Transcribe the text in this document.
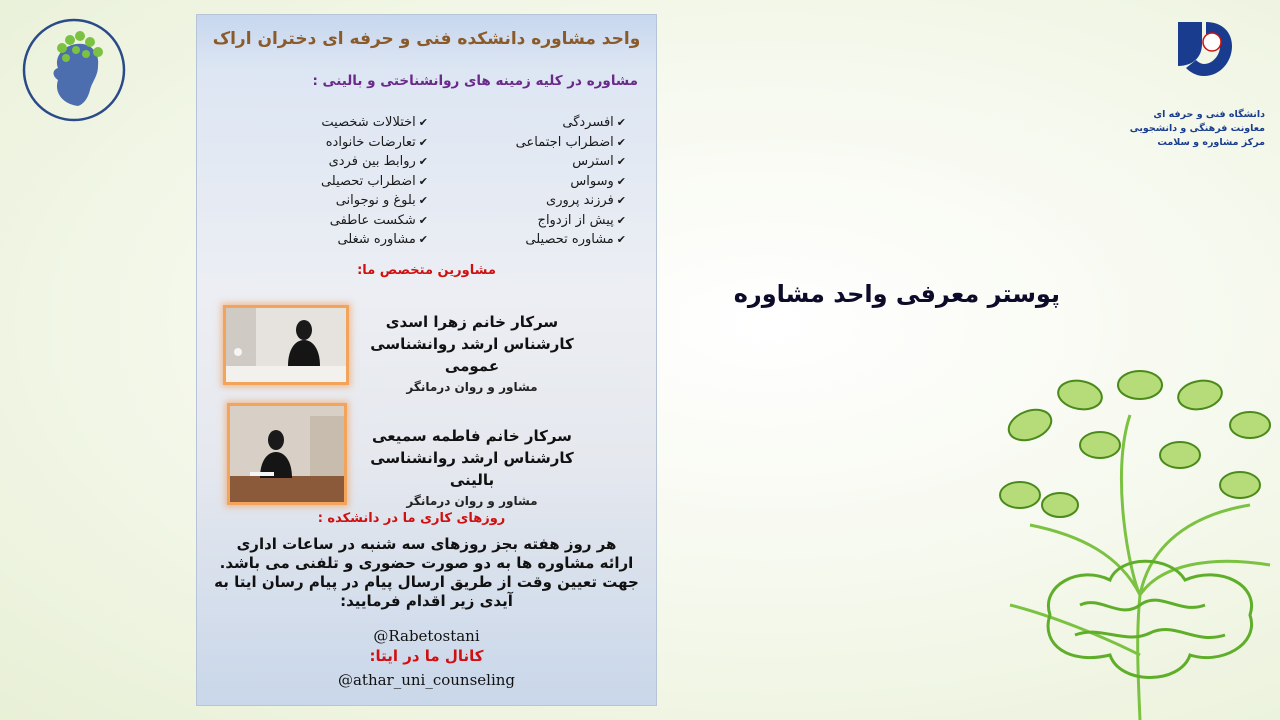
دانشگاه فنی و حرفه ای
معاونت فرهنگی و دانشجویی
مرکز مشاوره و سلامت
پوستر معرفی واحد مشاوره
واحد مشاوره دانشکده فنی و حرفه ای دختران اراک
مشاوره در کلیه زمینه های روانشناختی و بالینی :
✔افسردگی
✔اضطراب اجتماعی
✔استرس
✔وسواس
✔فرزند پروری
✔پیش از ازدواج
✔مشاوره تحصیلی
✔اختلالات شخصیت
✔تعارضات خانواده
✔روابط بین فردی
✔اضطراب تحصیلی
✔بلوغ و نوجوانی
✔شکست عاطفی
✔مشاوره شغلی
مشاورین متخصص ما:
سرکار خانم زهرا اسدی
کارشناس ارشد روانشناسی عمومی
مشاور و روان درمانگر
سرکار خانم فاطمه سمیعی
کارشناس ارشد روانشناسی بالینی
مشاور و روان درمانگر
روزهای کاری ما در دانشکده :
هر روز هفته بجز روزهای سه شنبه در ساعات اداری
ارائه مشاوره ها به دو صورت حضوری و تلفنی می باشد.
جهت تعیین وقت از طریق ارسال پیام در پیام رسان ایتا به
آیدی زیر اقدام فرمایید:
@Rabetostani
کانال ما در ایتا:
@athar_uni_counseling
